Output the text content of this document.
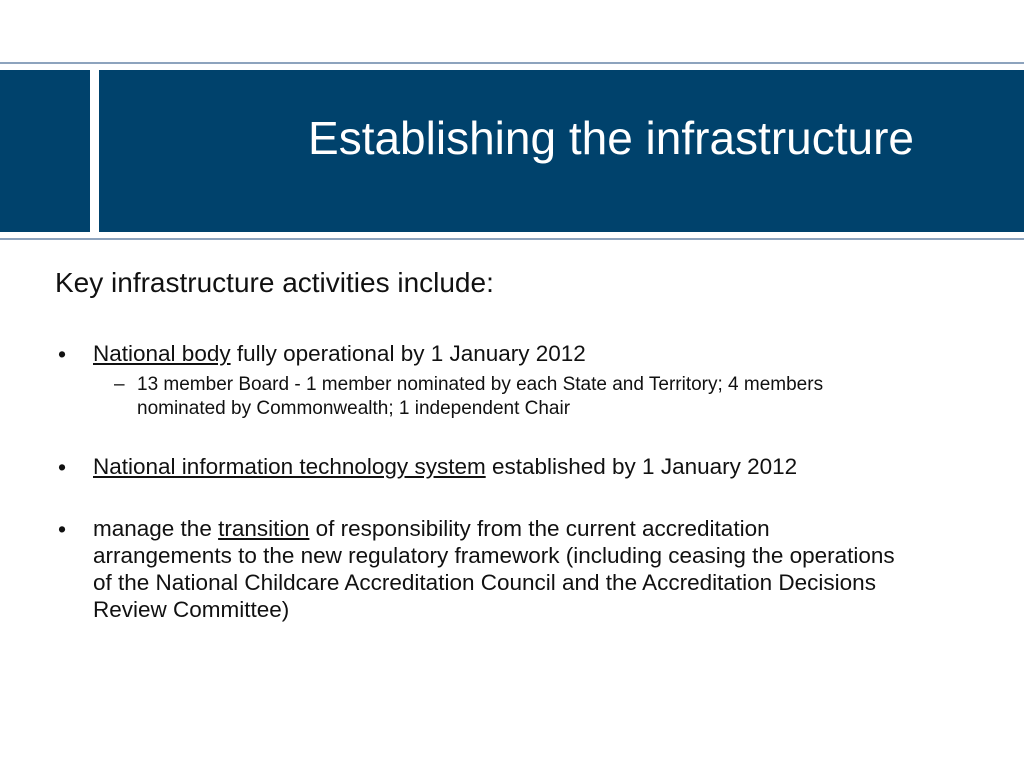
Establishing the infrastructure

Key infrastructure activities include:

• National body fully operational by 1 January 2012

– 13 member Board - 1 member nominated by each State and Territory; 4 members nominated by Commonwealth; 1 independent Chair

• National information technology system established by 1 January 2012

• manage the transition of responsibility from the current accreditation arrangements to the new regulatory framework (including ceasing the operations of the National Childcare Accreditation Council and the Accreditation Decisions Review Committee)
